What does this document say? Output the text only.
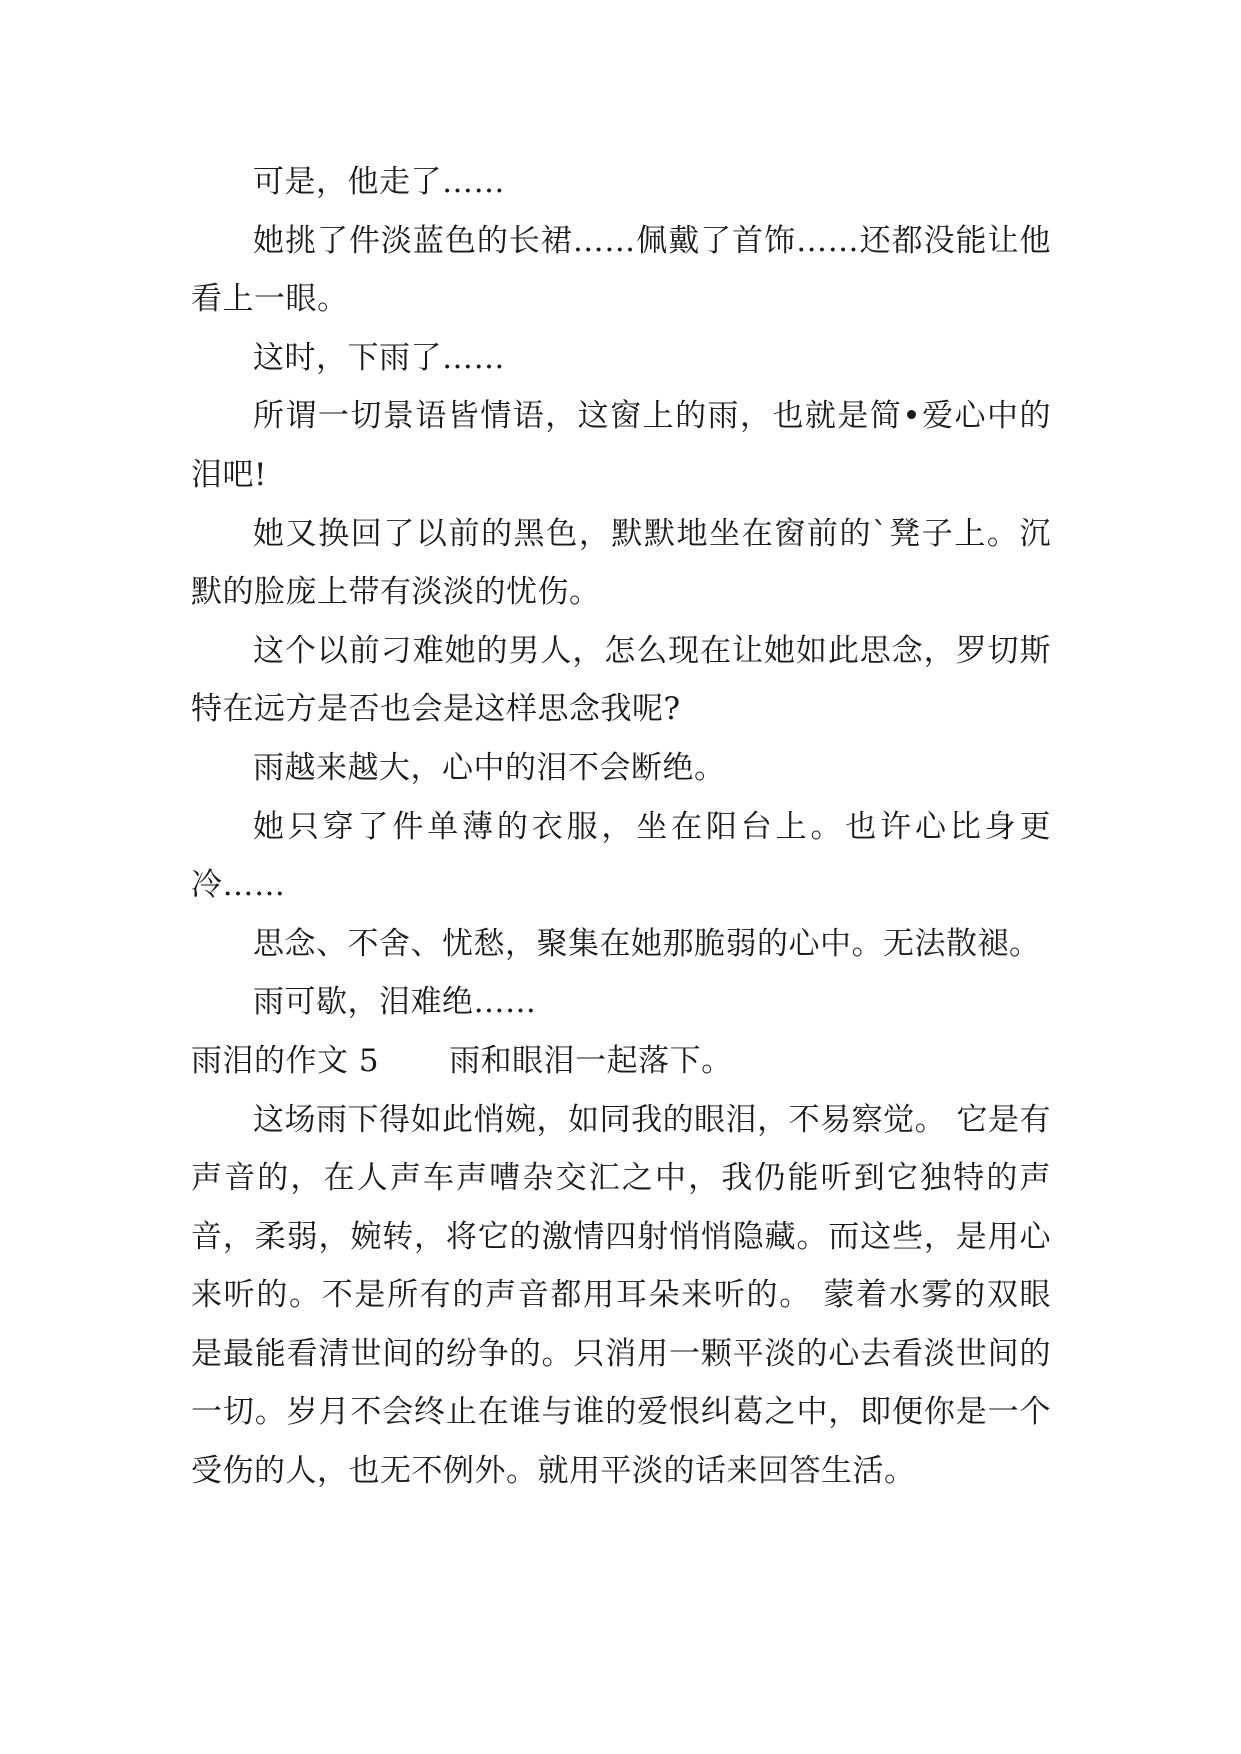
可是，他走了……

她挑了件淡蓝色的长裙……佩戴了首饰……还都没能让他看上一眼。

这时，下雨了……

所谓一切景语皆情语，这窗上的雨，也就是简•爱心中的泪吧!

她又换回了以前的黑色，默默地坐在窗前的`凳子上。沉默的脸庞上带有淡淡的忧伤。

这个以前刁难她的男人，怎么现在让她如此思念，罗切斯特在远方是否也会是这样思念我呢?

雨越来越大，心中的泪不会断绝。

她只穿了件单薄的衣服，坐在阳台上。也许心比身更冷……

思念、不舍、忧愁，聚集在她那脆弱的心中。无法散褪。

雨可歇，泪难绝……

雨泪的作文 5 雨和眼泪一起落下。

这场雨下得如此悄婉，如同我的眼泪，不易察觉。 它是有声音的，在人声车声嘈杂交汇之中，我仍能听到它独特的声音，柔弱，婉转，将它的激情四射悄悄隐藏。而这些，是用心来听的。不是所有的声音都用耳朵来听的。 蒙着水雾的双眼是最能看清世间的纷争的。只消用一颗平淡的心去看淡世间的一切。岁月不会终止在谁与谁的爱恨纠葛之中，即便你是一个受伤的人，也无不例外。就用平淡的话来回答生活。
